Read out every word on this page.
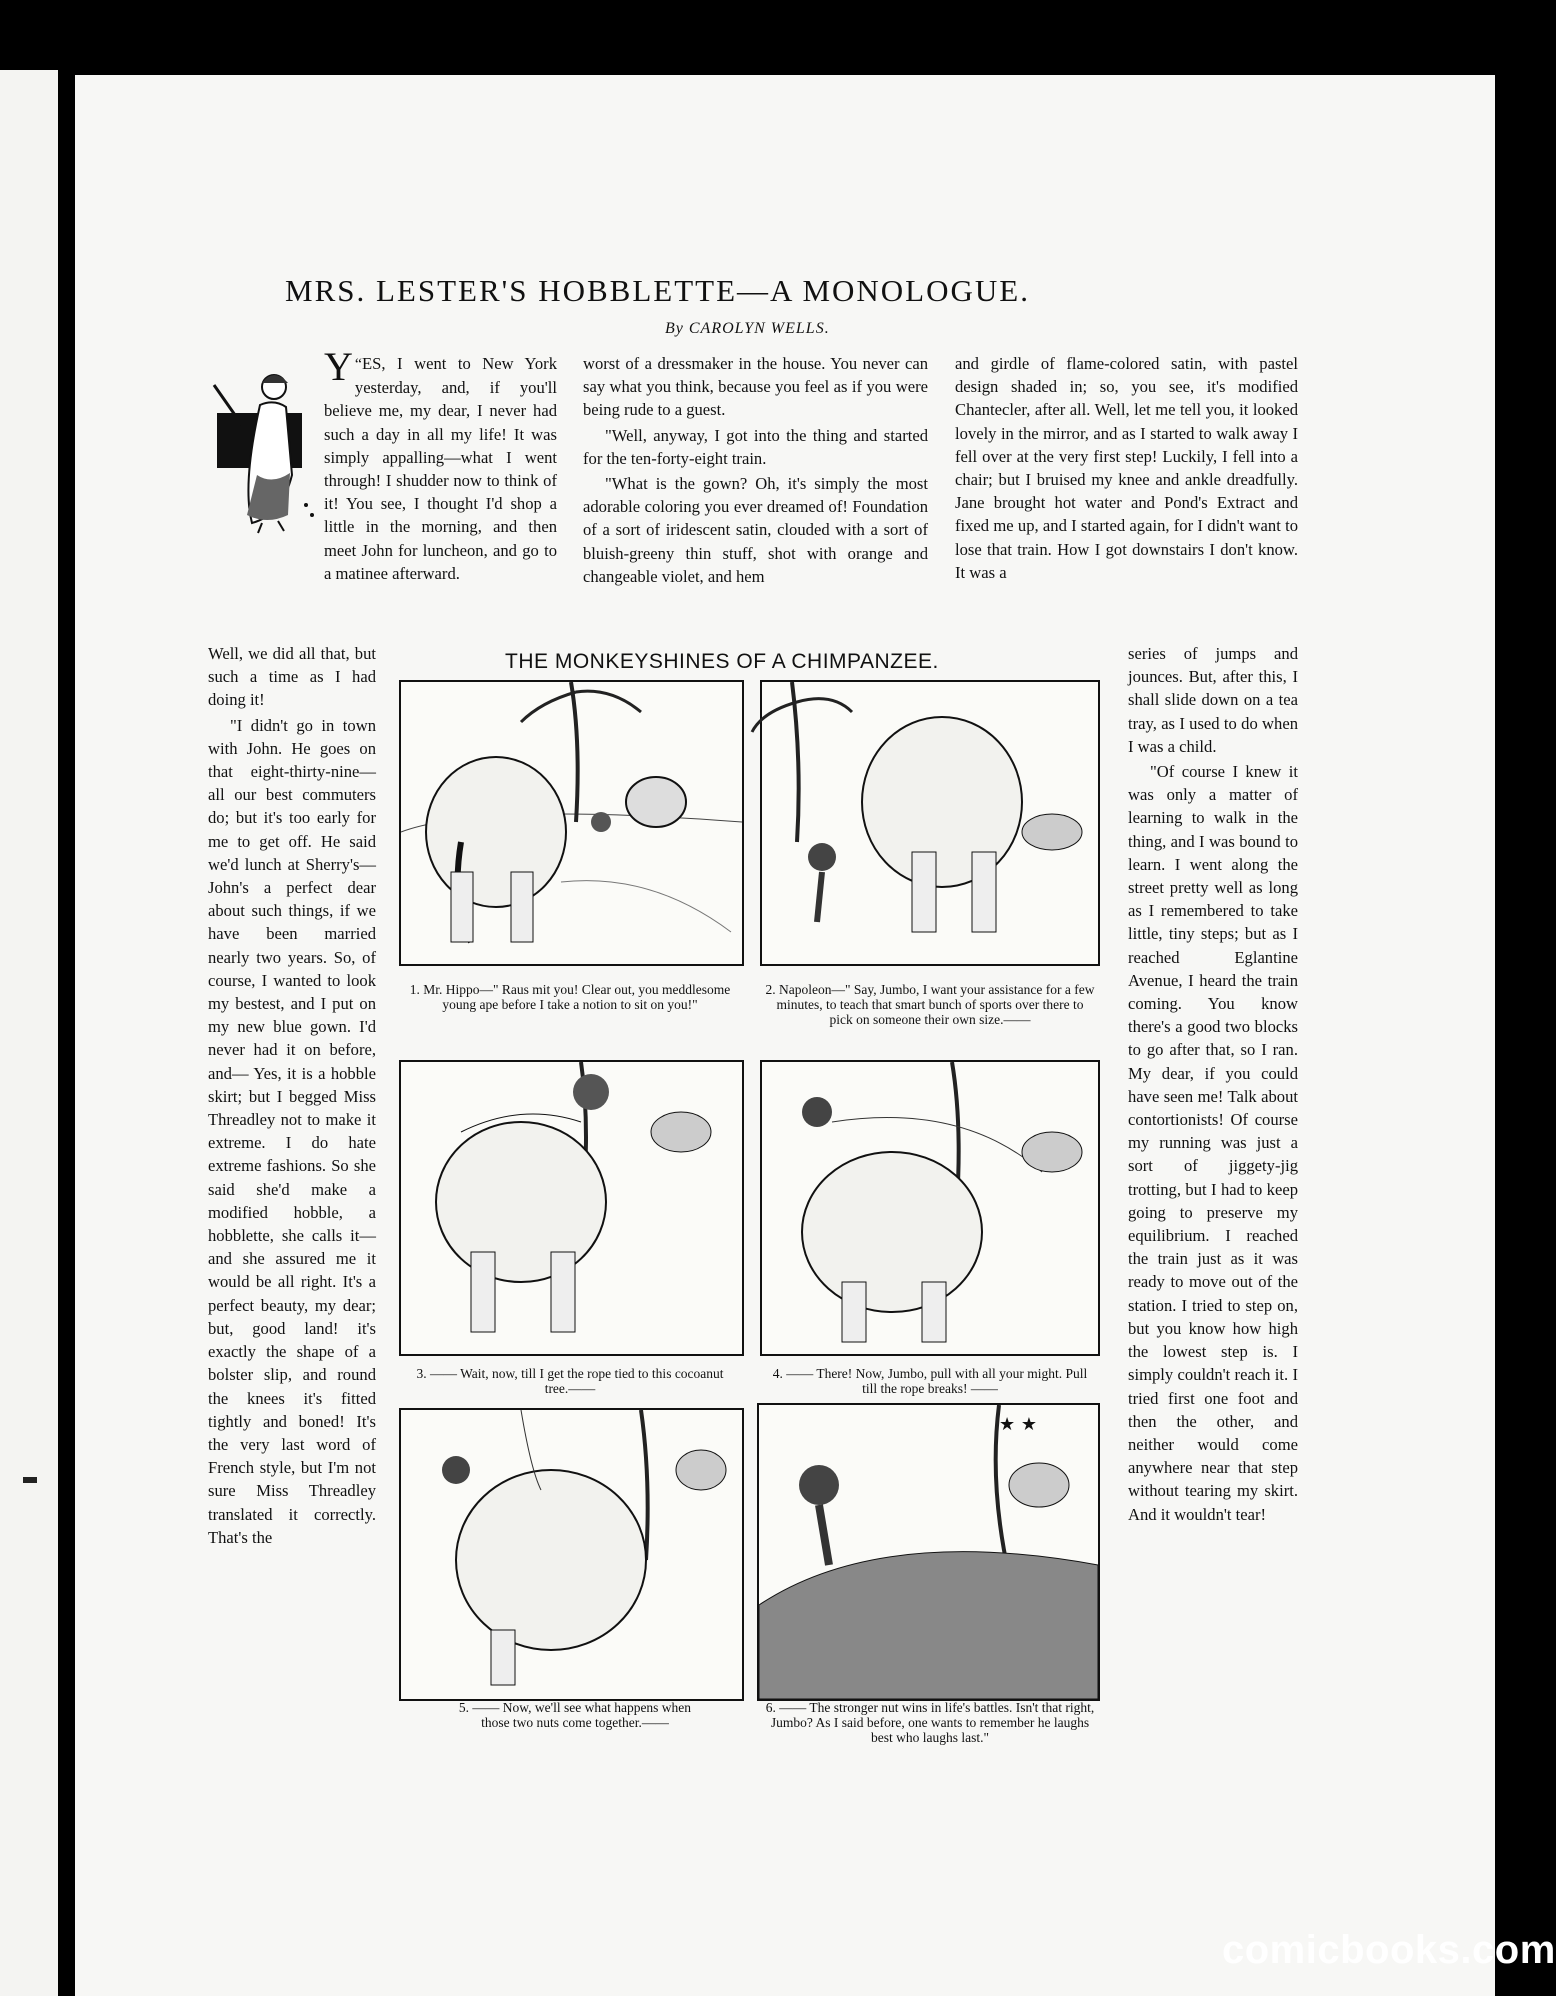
MRS. LESTER'S HOBBLETTE—A MONOLOGUE.
By CAROLYN WELLS.

“
Y ES, I went to New York yesterday, and, if you'll believe me, my dear, I never had such a day in all my life! It was simply appalling—what I went through! I shudder now to think of it! You see, I thought I'd shop a little in the morning, and then meet John for luncheon, and go to a matinee afterward.

Well, we did all that, but such a time as I had doing it!

"I didn't go in town with John. He goes on that eight-thirty-nine—all our best commuters do; but it's too early for me to get off. He said we'd lunch at Sherry's—John's a perfect dear about such things, if we have been married nearly two years. So, of course, I wanted to look my bestest, and I put on my new blue gown. I'd never had it on before, and— Yes, it is a hobble skirt; but I begged Miss Threadley not to make it extreme. I do hate extreme fashions. So she said she'd make a modified hobble, a hobblette, she calls it—and she assured me it would be all right. It's a perfect beauty, my dear; but, good land! it's exactly the shape of a bolster slip, and round the knees it's fitted tightly and boned! It's the very last word of French style, but I'm not sure Miss Threadley translated it correctly. That's the

worst of a dressmaker in the house. You never can say what you think, because you feel as if you were being rude to a guest.

"Well, anyway, I got into the thing and started for the ten-forty-eight train.

"What is the gown? Oh, it's simply the most adorable coloring you ever dreamed of! Foundation of a sort of iridescent satin, clouded with a sort of bluish-greeny thin stuff, shot with orange and changeable violet, and hem

and girdle of flame-colored satin, with pastel design shaded in; so, you see, it's modified Chantecler, after all. Well, let me tell you, it looked lovely in the mirror, and as I started to walk away I fell over at the very first step! Luckily, I fell into a chair; but I bruised my knee and ankle dreadfully. Jane brought hot water and Pond's Extract and fixed me up, and I started again, for I didn't want to lose that train. How I got downstairs I don't know. It was a

series of jumps and jounces. But, after this, I shall slide down on a tea tray, as I used to do when I was a child.

"Of course I knew it was only a matter of learning to walk in the thing, and I was bound to learn. I went along the street pretty well as long as I remembered to take little, tiny steps; but as I reached Eglantine Avenue, I heard the train coming. You know there's a good two blocks to go after that, so I ran. My dear, if you could have seen me! Talk about contortionists! Of course my running was just a sort of jiggety-jig trotting, but I had to keep going to preserve my equilibrium. I reached the train just as it was ready to move out of the station. I tried to step on, but you know how high the lowest step is. I simply couldn't reach it. I tried first one foot and then the other, and neither would come anywhere near that step without tearing my skirt. And it wouldn't tear!

THE MONKEYSHINES OF A CHIMPANZEE.
1. Mr. Hippo—" Raus mit you! Clear out, you meddlesome young ape before I take a notion to sit on you!"
2. Napoleon—" Say, Jumbo, I want your assistance for a few minutes, to teach that smart bunch of sports over there to pick on someone their own size.——
3. —— Wait, now, till I get the rope tied to this cocoanut tree.——
4. —— There! Now, Jumbo, pull with all your might. Pull till the rope breaks! ——
5. —— Now, we'll see what happens when those two nuts come together.——
★ ★
6. —— The stronger nut wins in life's battles. Isn't that right, Jumbo? As I said before, one wants to remember he laughs best who laughs last."
comicbooks.com
